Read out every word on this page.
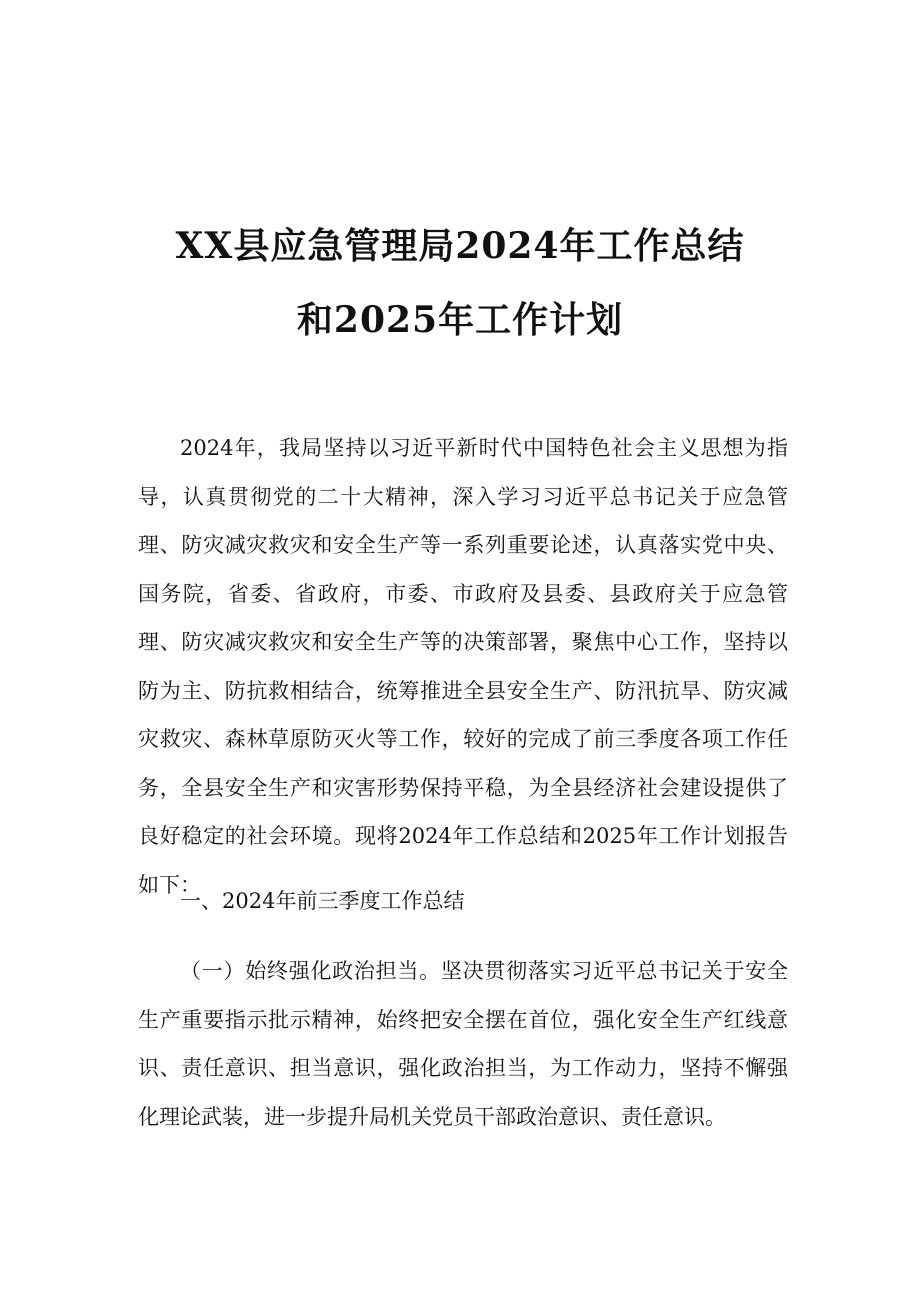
XX县应急管理局2024年工作总结
和2025年工作计划

2024年，我局坚持以习近平新时代中国特色社会主义思想为指导，认真贯彻党的二十大精神，深入学习习近平总书记关于应急管理、防灾减灾救灾和安全生产等一系列重要论述，认真落实党中央、国务院，省委、省政府，市委、市政府及县委、县政府关于应急管理、防灾减灾救灾和安全生产等的决策部署，聚焦中心工作，坚持以防为主、防抗救相结合，统筹推进全县安全生产、防汛抗旱、防灾减灾救灾、森林草原防灭火等工作，较好的完成了前三季度各项工作任务，全县安全生产和灾害形势保持平稳，为全县经济社会建设提供了良好稳定的社会环境。现将2024年工作总结和2025年工作计划报告如下：

一、2024年前三季度工作总结

（一）始终强化政治担当。坚决贯彻落实习近平总书记关于安全生产重要指示批示精神，始终把安全摆在首位，强化安全生产红线意识、责任意识、担当意识，强化政治担当，为工作动力，坚持不懈强化理论武装，进一步提升局机关党员干部政治意识、责任意识。
